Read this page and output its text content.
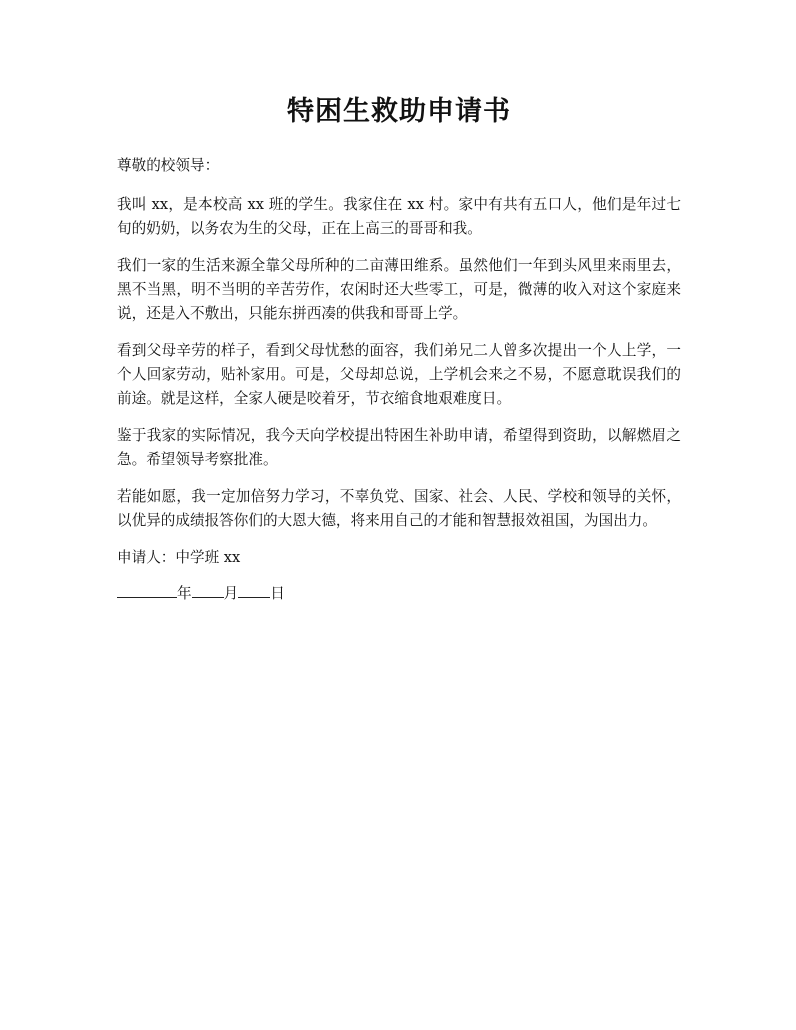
特困生救助申请书

尊敬的校领导：

我叫 xx，是本校高 xx 班的学生。我家住在 xx 村。家中有共有五口人，他们是年过七旬的奶奶，以务农为生的父母，正在上高三的哥哥和我。

我们一家的生活来源全靠父母所种的二亩薄田维系。虽然他们一年到头风里来雨里去，黑不当黑，明不当明的辛苦劳作，农闲时还大些零工，可是，微薄的收入对这个家庭来说，还是入不敷出，只能东拼西凑的供我和哥哥上学。

看到父母辛劳的样子，看到父母忧愁的面容，我们弟兄二人曾多次提出一个人上学，一个人回家劳动，贴补家用。可是，父母却总说，上学机会来之不易，不愿意耽误我们的前途。就是这样，全家人硬是咬着牙，节衣缩食地艰难度日。

鉴于我家的实际情况，我今天向学校提出特困生补助申请，希望得到资助，以解燃眉之急。希望领导考察批准。

若能如愿，我一定加倍努力学习，不辜负党、国家、社会、人民、学校和领导的关怀，以优异的成绩报答你们的大恩大德，将来用自己的才能和智慧报效祖国，为国出力。

申请人：中学班 xx

年 月 日
